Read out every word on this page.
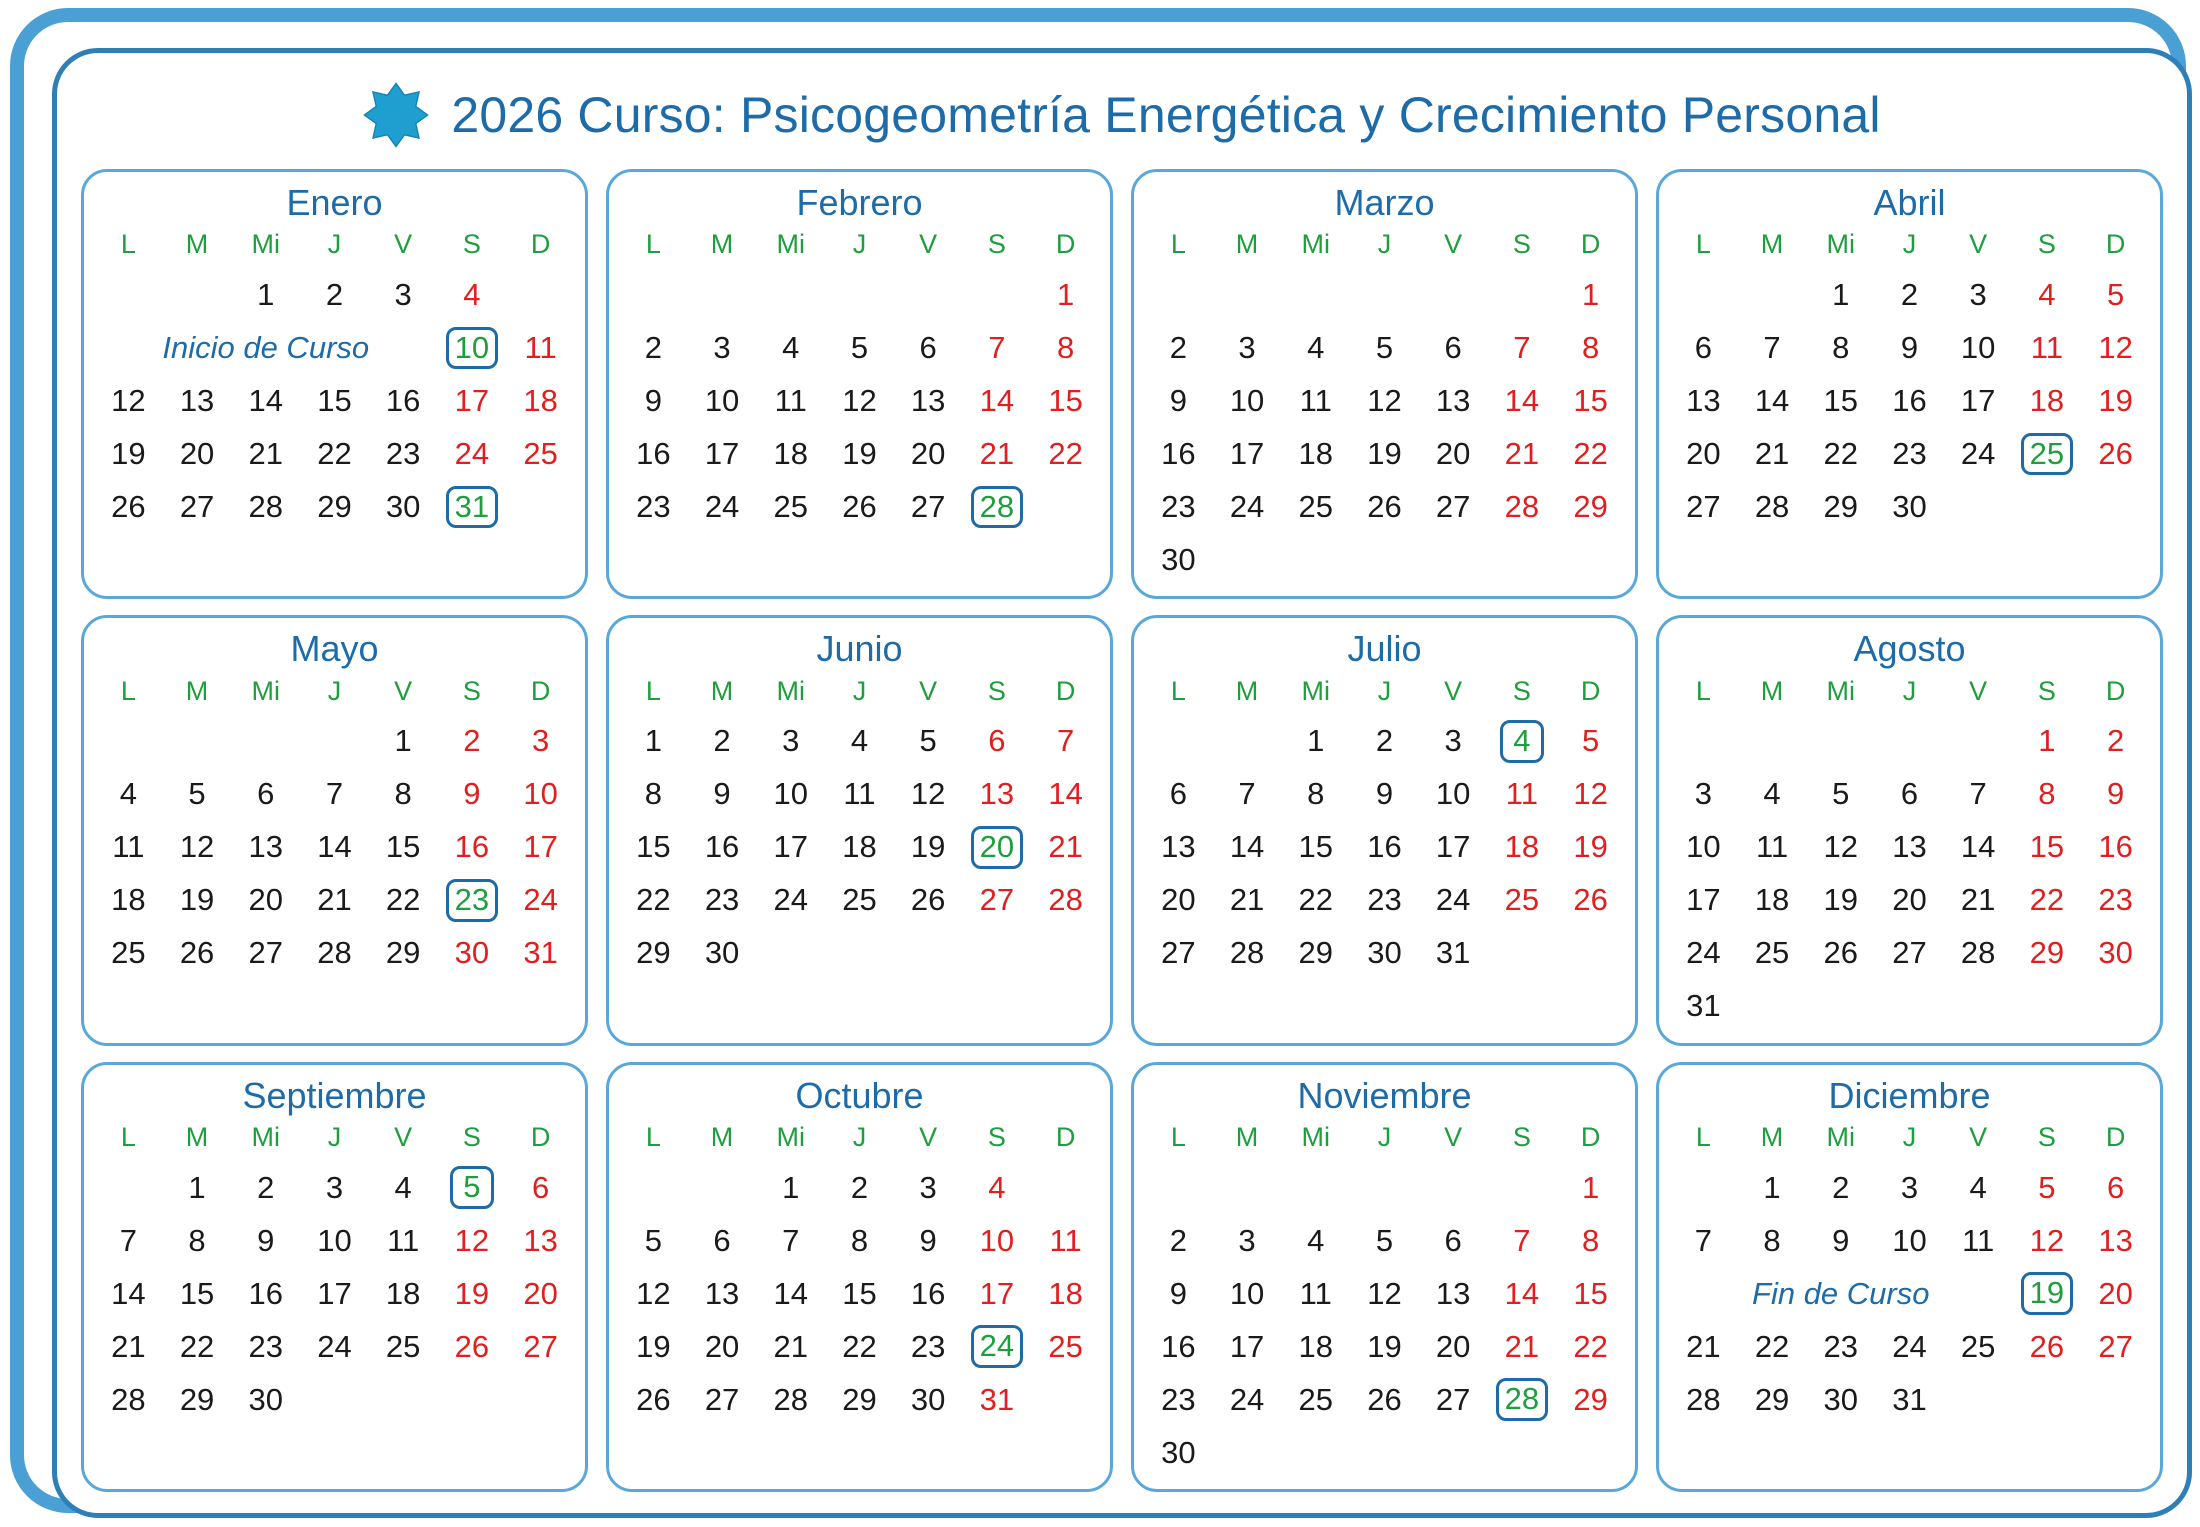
2026 Curso: Psicogeometría Energética y Crecimiento Personal
Enero
L	M	Mi	J	V	S	D
		1	2	3	4	
Inicio de Curso					10	11
12	13	14	15	16	17	18
19	20	21	22	23	24	25
26	27	28	29	30	31	
Febrero
L	M	Mi	J	V	S	D
						1
2	3	4	5	6	7	8
9	10	11	12	13	14	15
16	17	18	19	20	21	22
23	24	25	26	27	28	
Marzo
L	M	Mi	J	V	S	D
						1
2	3	4	5	6	7	8
9	10	11	12	13	14	15
16	17	18	19	20	21	22
23	24	25	26	27	28	29
30						
Abril
L	M	Mi	J	V	S	D
		1	2	3	4	5
6	7	8	9	10	11	12
13	14	15	16	17	18	19
20	21	22	23	24	25	26
27	28	29	30			
Mayo
L	M	Mi	J	V	S	D
				1	2	3
4	5	6	7	8	9	10
11	12	13	14	15	16	17
18	19	20	21	22	23	24
25	26	27	28	29	30	31
Junio
L	M	Mi	J	V	S	D
1	2	3	4	5	6	7
8	9	10	11	12	13	14
15	16	17	18	19	20	21
22	23	24	25	26	27	28
29	30					
Julio
L	M	Mi	J	V	S	D
		1	2	3	4	5
6	7	8	9	10	11	12
13	14	15	16	17	18	19
20	21	22	23	24	25	26
27	28	29	30	31		
Agosto
L	M	Mi	J	V	S	D
					1	2
3	4	5	6	7	8	9
10	11	12	13	14	15	16
17	18	19	20	21	22	23
24	25	26	27	28	29	30
31						
Septiembre
L	M	Mi	J	V	S	D
	1	2	3	4	5	6
7	8	9	10	11	12	13
14	15	16	17	18	19	20
21	22	23	24	25	26	27
28	29	30				
Octubre
L	M	Mi	J	V	S	D
		1	2	3	4	
5	6	7	8	9	10	11
12	13	14	15	16	17	18
19	20	21	22	23	24	25
26	27	28	29	30	31	
Noviembre
L	M	Mi	J	V	S	D
						1
2	3	4	5	6	7	8
9	10	11	12	13	14	15
16	17	18	19	20	21	22
23	24	25	26	27	28	29
30						
Diciembre
L	M	Mi	J	V	S	D
	1	2	3	4	5	6
7	8	9	10	11	12	13
Fin de Curso					19	20
21	22	23	24	25	26	27
28	29	30	31			
